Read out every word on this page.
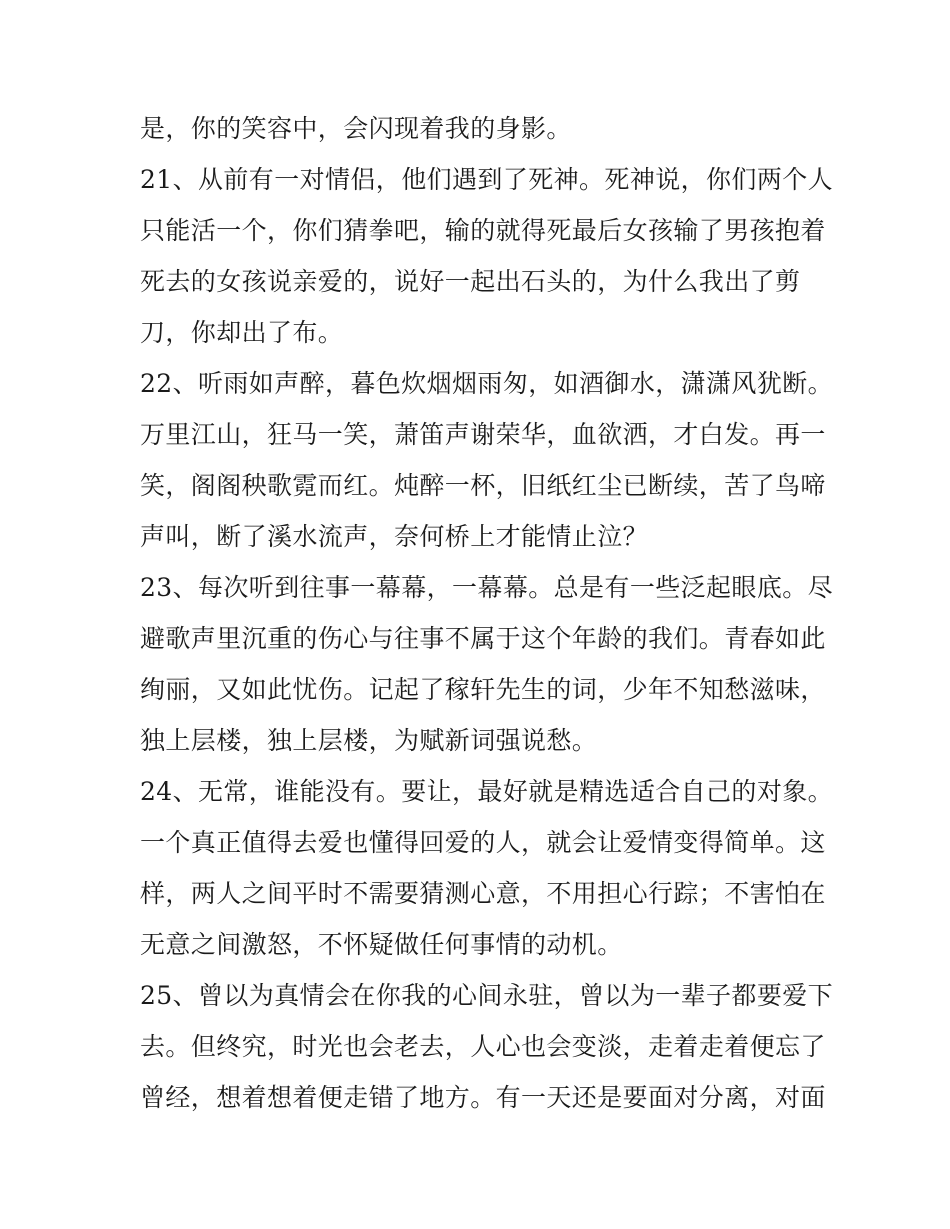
是，你的笑容中，会闪现着我的身影。
21、从前有一对情侣，他们遇到了死神。死神说，你们两个人
只能活一个，你们猜拳吧，输的就得死最后女孩输了男孩抱着
死去的女孩说亲爱的，说好一起出石头的，为什么我出了剪
刀，你却出了布。
22、听雨如声醉，暮色炊烟烟雨匆，如酒御水，潇潇风犹断。
万里江山，狂马一笑，萧笛声谢荣华，血欲洒，才白发。再一
笑，阁阁秧歌霓而红。炖醉一杯，旧纸红尘已断续，苦了鸟啼
声叫，断了溪水流声，奈何桥上才能情止泣？
23、每次听到往事一幕幕，一幕幕。总是有一些泛起眼底。尽
避歌声里沉重的伤心与往事不属于这个年龄的我们。青春如此
绚丽，又如此忧伤。记起了稼轩先生的词，少年不知愁滋味，
独上层楼，独上层楼，为赋新词强说愁。
24、无常，谁能没有。要让，最好就是精选适合自己的对象。
一个真正值得去爱也懂得回爱的人，就会让爱情变得简单。这
样，两人之间平时不需要猜测心意，不用担心行踪；不害怕在
无意之间激怒，不怀疑做任何事情的动机。
25、曾以为真情会在你我的心间永驻，曾以为一辈子都要爱下
去。但终究，时光也会老去，人心也会变淡，走着走着便忘了
曾经，想着想着便走错了地方。有一天还是要面对分离，对面
